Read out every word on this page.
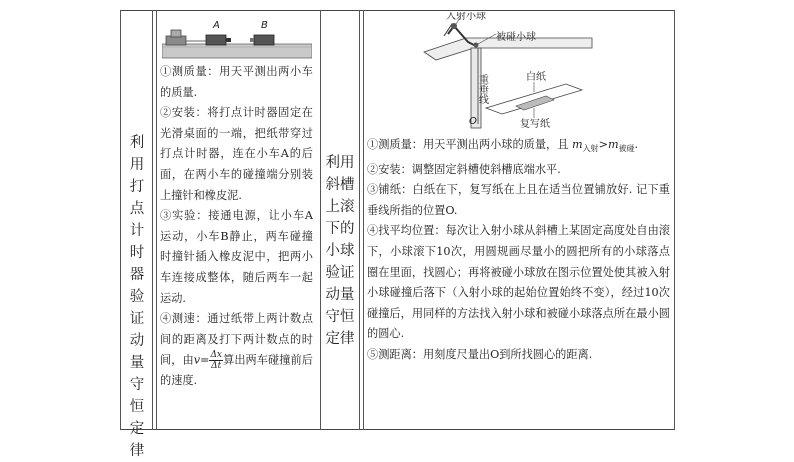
利用打点计时器验证动量守恒定律
A	B

①测质量：用天平测出两小车的质量.

②安装：将打点计时器固定在光滑桌面的一端，把纸带穿过打点计时器，连在小车A的后面，在两小车的碰撞端分别装上撞针和橡皮泥.

③实验：接通电源，让小车A运动，小车B静止，两车碰撞时撞针插入橡皮泥中，把两小车连接成整体，随后两车一起运动.

④测速：通过纸带上两计数点间的距离及打下两计数点的时间，由$v= \frac{\Delta x}{\Delta t}$ 算出两车碰撞前后的速度.

利用斜槽上滚下的小球验证动量守恒定律
入射小球
被碰小球
白纸
复写纸
O
重垂线

①测质量：用天平测出两小球的质量，且 $m_{入射}>m_{被碰}$.

②安装：调整固定斜槽使斜槽底端水平.

③铺纸：白纸在下，复写纸在上且在适当位置铺放好. 记下重垂线所指的位置O.

④找平均位置：每次让入射小球从斜槽上某固定高度处自由滚下，小球滚下10次，用圆规画尽量小的圆把所有的小球落点圈在里面，找圆心；再将被碰小球放在图示位置处使其被入射小球碰撞后落下（入射小球的起始位置始终不变），经过10次碰撞后，用同样的方法找入射小球和被碰小球落点所在最小圆的圆心.

⑤测距离：用刻度尺量出O到所找圆心的距离.
